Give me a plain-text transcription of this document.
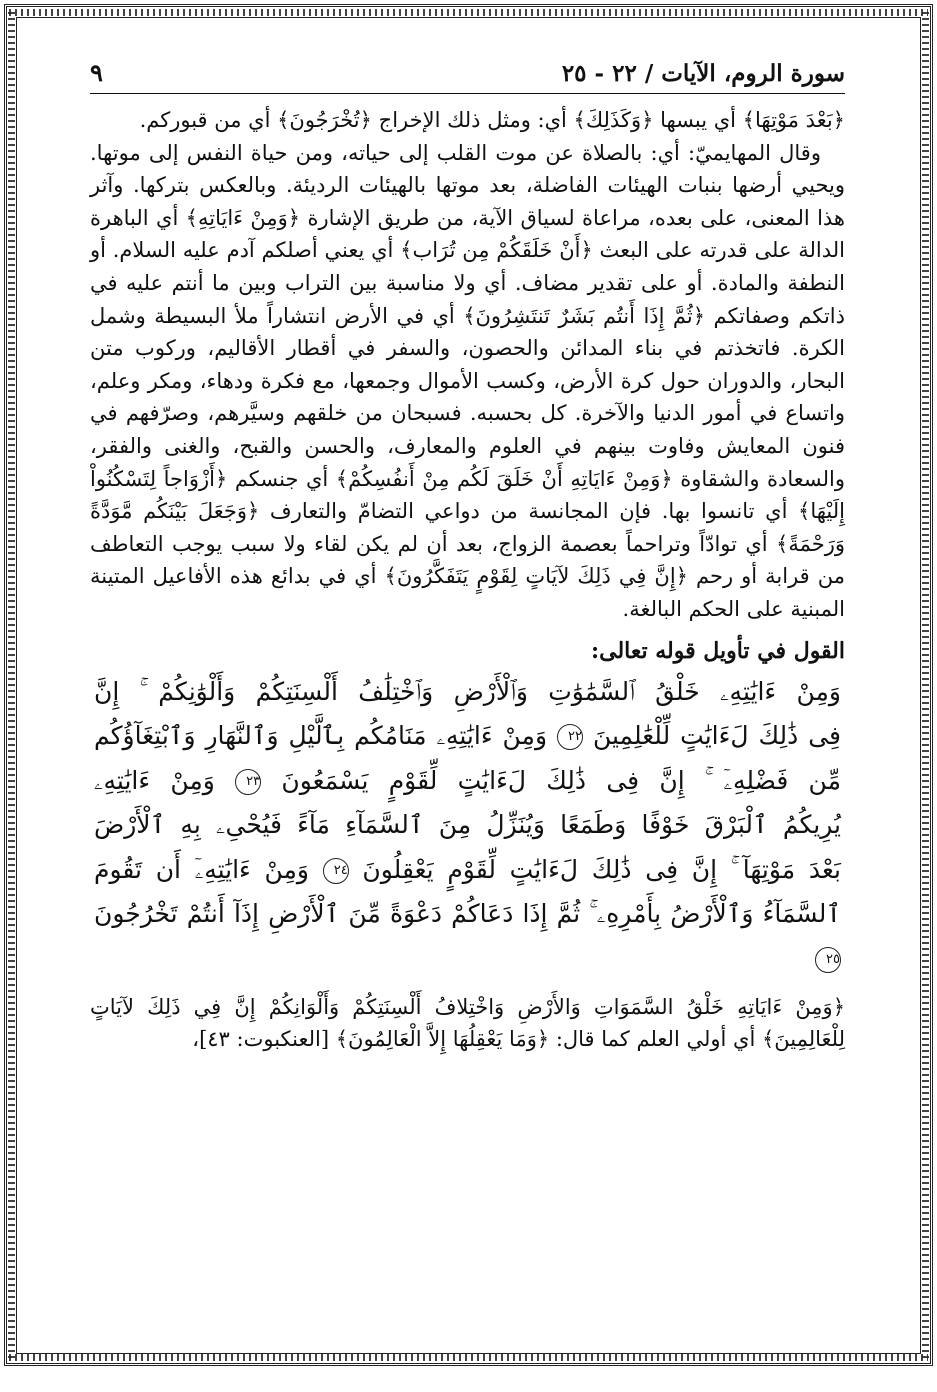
سورة الروم، الآيات / ٢٢ - ٢٥
٩

﴿بَعْدَ مَوْتِهَا﴾ أي يبسها ﴿وَكَذَلِكَ﴾ أي: ومثل ذلك الإخراج ﴿تُخْرَجُونَ﴾ أي من قبوركم.

وقال المهايميّ: أي: بالصلاة عن موت القلب إلى حياته، ومن حياة النفس إلى موتها. ويحيي أرضها بنبات الهيئات الفاضلة، بعد موتها بالهيئات الرديئة. وبالعكس بتركها. وآثر هذا المعنى، على بعده، مراعاة لسياق الآية، من طريق الإشارة ﴿وَمِنْ ءَايَاتِهِ﴾ أي الباهرة الدالة على قدرته على البعث ﴿أَنْ خَلَقَكُمْ مِن تُرَاب﴾ أي يعني أصلكم آدم عليه السلام. أو النطفة والمادة. أو على تقدير مضاف. أي ولا مناسبة بين التراب وبين ما أنتم عليه في ذاتكم وصفاتكم ﴿ثُمَّ إِذَا أَنتُم بَشَرٌ تَنتَشِرُونَ﴾ أي في الأرض انتشاراً ملأ البسيطة وشمل الكرة. فاتخذتم في بناء المدائن والحصون، والسفر في أقطار الأقاليم، وركوب متن البحار، والدوران حول كرة الأرض، وكسب الأموال وجمعها، مع فكرة ودهاء، ومكر وعلم، واتساع في أمور الدنيا والآخرة. كل بحسبه. فسبحان من خلقهم وسيَّرهم، وصرّفهم في فنون المعايش وفاوت بينهم في العلوم والمعارف، والحسن والقبح، والغنى والفقر، والسعادة والشقاوة ﴿وَمِنْ ءَايَاتِهِ أَنْ خَلَقَ لَكُم مِنْ أَنفُسِكُمْ﴾ أي جنسكم ﴿أَزْوَاجاً لِتَسْكُنُواْ إِلَيْهَا﴾ أي تانسوا بها. فإن المجانسة من دواعي التضامّ والتعارف ﴿وَجَعَلَ بَيْنَكُم مَّوَدَّةً وَرَحْمَةً﴾ أي توادّاً وتراحماً بعصمة الزواج، بعد أن لم يكن لقاء ولا سبب يوجب التعاطف من قرابة أو رحم ﴿إِنَّ فِي ذَلِكَ لآيَاتٍ لِقَوْمٍ يَتَفَكَّرُونَ﴾ أي في بدائع هذه الأفاعيل المتينة المبنية على الحكم البالغة.

القول في تأويل قوله تعالى:
وَمِنْ ءَايَٰتِهِۦ خَلْقُ ٱلسَّمَٰوَٰتِ وَٱلْأَرْضِ وَٱخْتِلَٰفُ أَلْسِنَتِكُمْ وَأَلْوَٰنِكُمْ ۚ إِنَّ
فِى ذَٰلِكَ لَءَايَٰتٍ لِّلْعَٰلِمِينَ ٢٢ وَمِنْ ءَايَٰتِهِۦ مَنَامُكُم بِٱلَّيْلِ وَٱلنَّهَارِ وَٱبْتِغَآؤُكُم
مِّن فَضْلِهِۦٓ ۚ إِنَّ فِى ذَٰلِكَ لَءَايَٰتٍ لِّقَوْمٍ يَسْمَعُونَ ٢٣ وَمِنْ ءَايَٰتِهِۦ
يُرِيكُمُ ٱلْبَرْقَ خَوْفًا وَطَمَعًا وَيُنَزِّلُ مِنَ ٱلسَّمَآءِ مَآءً فَيُحْىِۦ بِهِ ٱلْأَرْضَ
بَعْدَ مَوْتِهَآ ۚ إِنَّ فِى ذَٰلِكَ لَءَايَٰتٍ لِّقَوْمٍ يَعْقِلُونَ ٢٤ وَمِنْ ءَايَٰتِهِۦٓ أَن تَقُومَ
ٱلسَّمَآءُ وَٱلْأَرْضُ بِأَمْرِهِۦ ۚ ثُمَّ إِذَا دَعَاكُمْ دَعْوَةً مِّنَ ٱلْأَرْضِ إِذَآ أَنتُمْ تَخْرُجُونَ ٢٥

﴿وَمِنْ ءَايَاتِهِ خَلْقُ السَّمَوَاتِ وَالأَرْضِ وَاخْتِلافُ أَلْسِنَتِكُمْ وَأَلْوَانِكُمْ إِنَّ فِي ذَلِكَ لآيَاتٍ لِلْعَالِمِينَ﴾ أي أولي العلم كما قال: ﴿وَمَا يَعْقِلُهَا إِلاَّ الْعَالِمُونَ﴾ [العنكبوت: ٤٣]،
